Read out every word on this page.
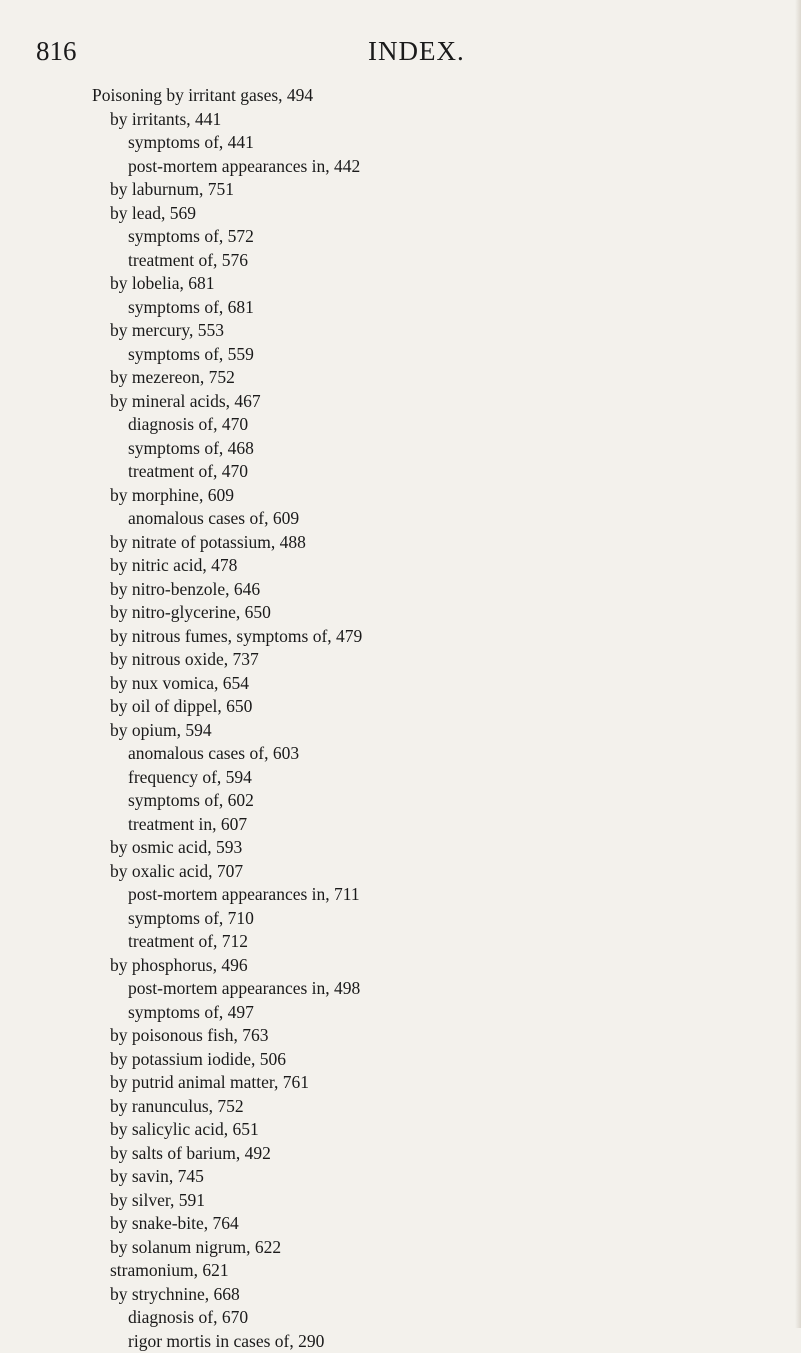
816	INDEX.
Poisoning by irritant gases, 494
by irritants, 441
symptoms of, 441
post-mortem appearances in, 442
by laburnum, 751
by lead, 569
symptoms of, 572
treatment of, 576
by lobelia, 681
symptoms of, 681
by mercury, 553
symptoms of, 559
by mezereon, 752
by mineral acids, 467
diagnosis of, 470
symptoms of, 468
treatment of, 470
by morphine, 609
anomalous cases of, 609
by nitrate of potassium, 488
by nitric acid, 478
by nitro-benzole, 646
by nitro-glycerine, 650
by nitrous fumes, symptoms of, 479
by nitrous oxide, 737
by nux vomica, 654
by oil of dippel, 650
by opium, 594
anomalous cases of, 603
frequency of, 594
symptoms of, 602
treatment in, 607
by osmic acid, 593
by oxalic acid, 707
post-mortem appearances in, 711
symptoms of, 710
treatment of, 712
by phosphorus, 496
post-mortem appearances in, 498
symptoms of, 497
by poisonous fish, 763
by potassium iodide, 506
by putrid animal matter, 761
by ranunculus, 752
by salicylic acid, 651
by salts of barium, 492
by savin, 745
by silver, 591
by snake-bite, 764
by solanum nigrum, 622
stramonium, 621
by strychnine, 668
diagnosis of, 670
rigor mortis in cases of, 290
